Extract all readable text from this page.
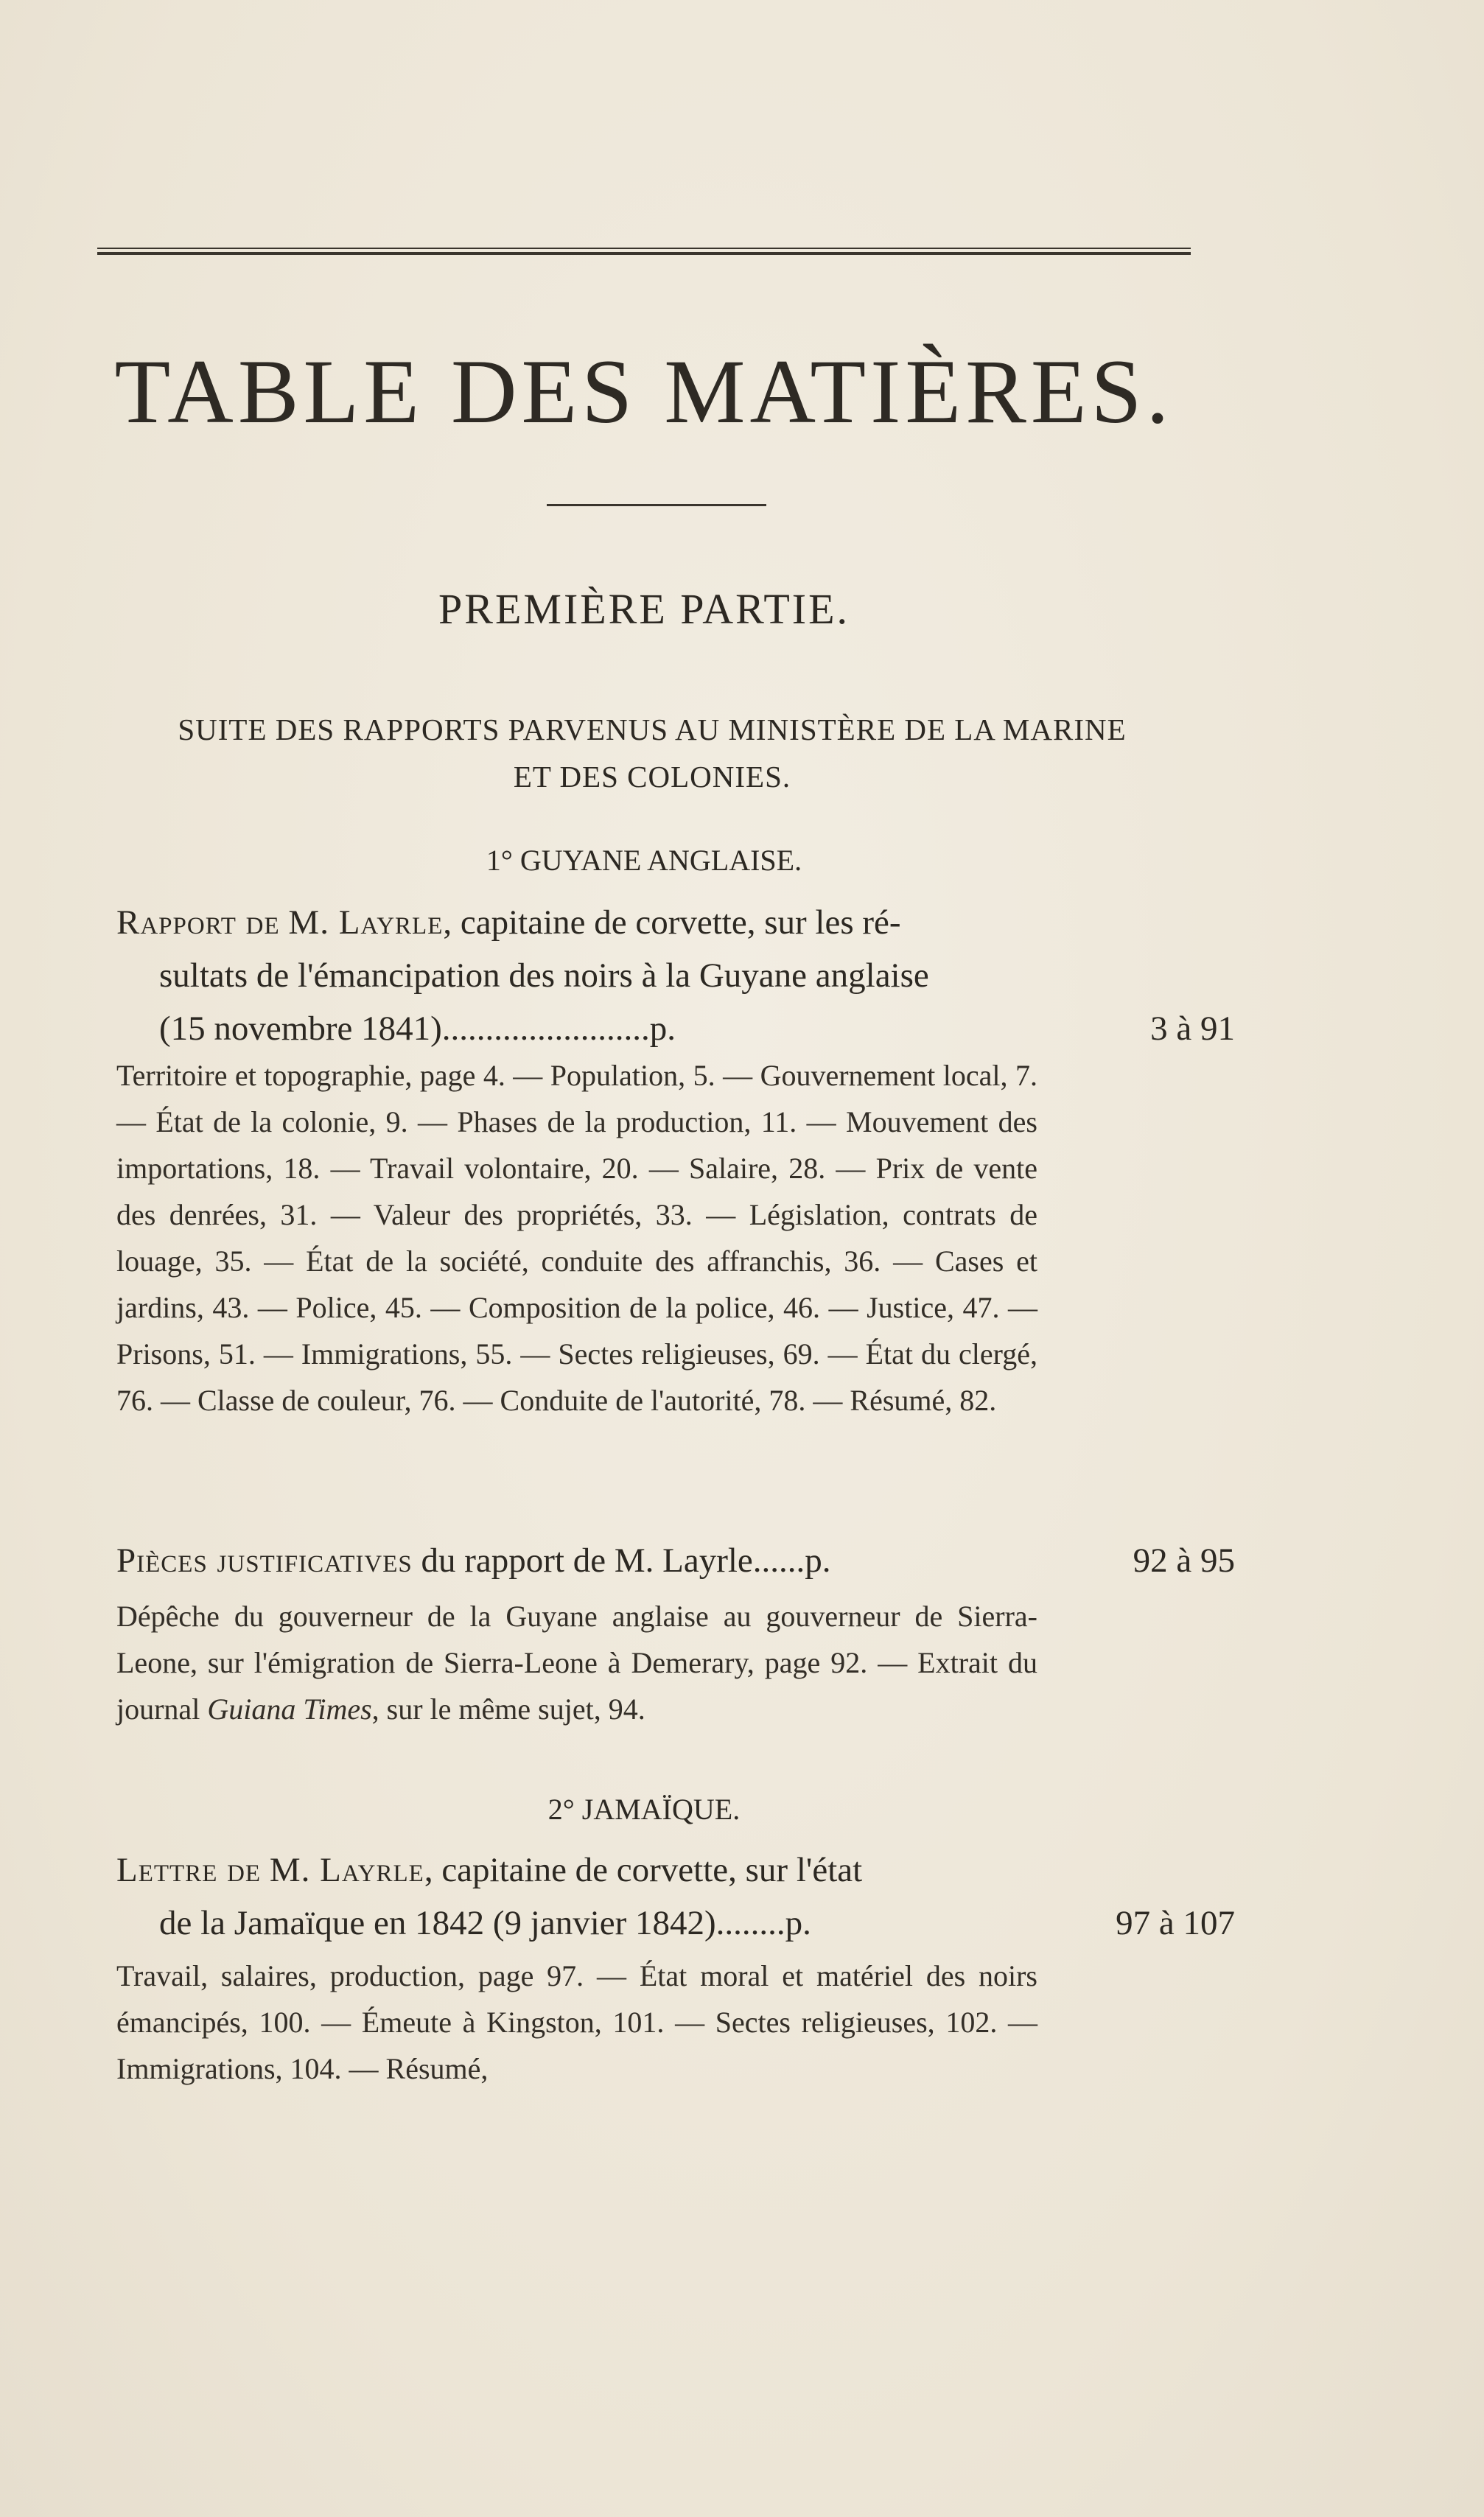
TABLE DES MATIÈRES.
PREMIÈRE PARTIE.
SUITE DES RAPPORTS PARVENUS AU MINISTÈRE DE LA MARINE
ET DES COLONIES.
1° GUYANE ANGLAISE.
Rapport de M. Layrle, capitaine de corvette, sur les ré-
sultats de l'émancipation des noirs à la Guyane anglaise
(15 novembre 1841)........................p.	3 à 91
Territoire et topographie, page 4. — Population, 5. — Gouvernement local, 7. — État de la colonie, 9. — Phases de la production, 11. — Mouvement des importations, 18. — Travail volontaire, 20. — Salaire, 28. — Prix de vente des denrées, 31. — Valeur des propriétés, 33. — Législation, contrats de louage, 35. — État de la société, conduite des affranchis, 36. — Cases et jardins, 43. — Police, 45. — Composition de la police, 46. — Justice, 47. — Prisons, 51. — Immigrations, 55. — Sectes religieuses, 69. — État du clergé, 76. — Classe de couleur, 76. — Conduite de l'autorité, 78. — Résumé, 82.
Pièces justificatives du rapport de M. Layrle......p.	92 à 95
Dépêche du gouverneur de la Guyane anglaise au gouverneur de Sierra-Leone, sur l'émigration de Sierra-Leone à Demerary, page 92. — Extrait du journal Guiana Times, sur le même sujet, 94.
2° JAMAÏQUE.
Lettre de M. Layrle, capitaine de corvette, sur l'état
de la Jamaïque en 1842 (9 janvier 1842)........p.	97 à 107
Travail, salaires, production, page 97. — État moral et matériel des noirs émancipés, 100. — Émeute à Kingston, 101. — Sectes religieuses, 102. — Immigrations, 104. — Résumé,
